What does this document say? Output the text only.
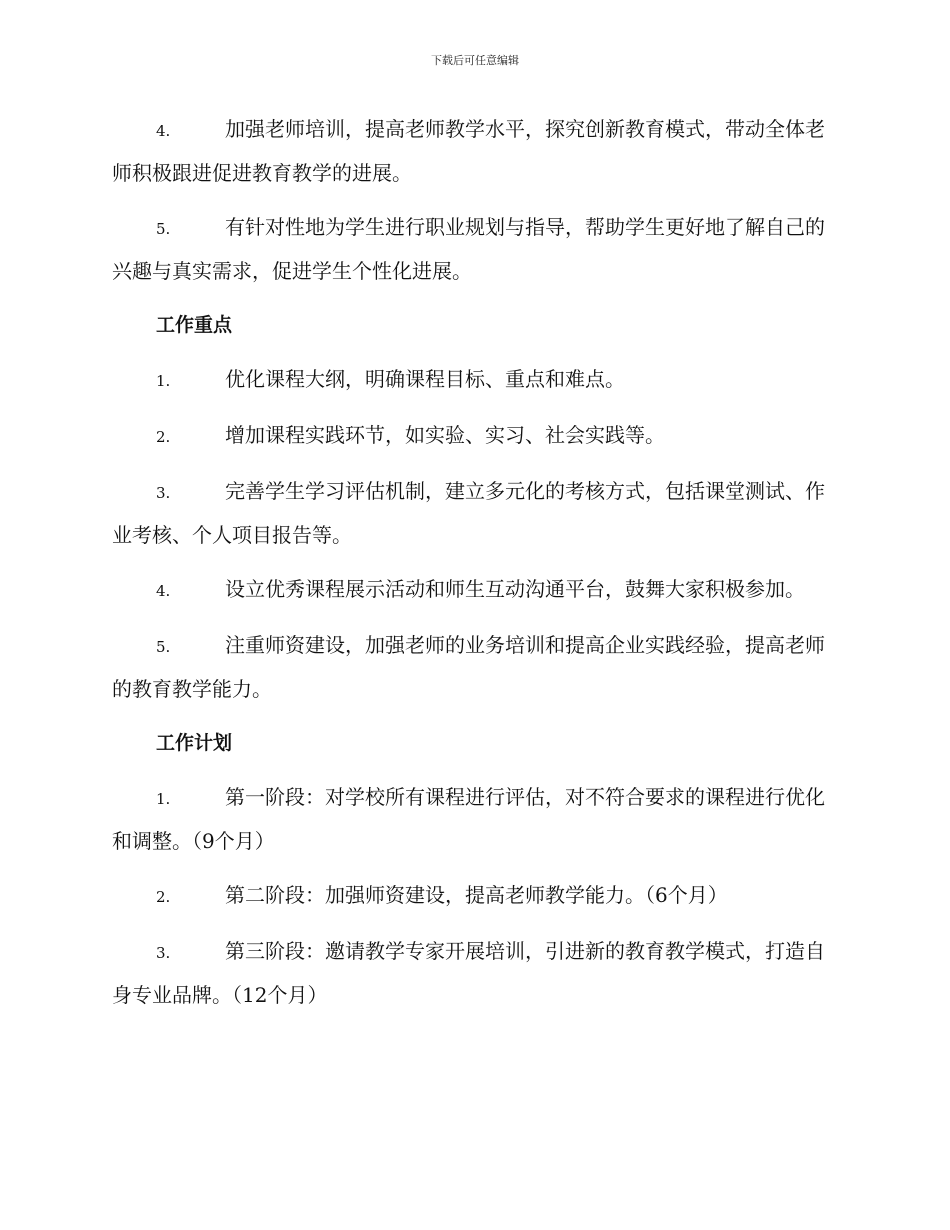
下载后可任意编辑

4.	加强老师培训，提高老师教学水平，探究创新教育模式，带动全体老师积极跟进促进教育教学的进展。

5.	有针对性地为学生进行职业规划与指导，帮助学生更好地了解自己的兴趣与真实需求，促进学生个性化进展。

工作重点

1.	优化课程大纲，明确课程目标、重点和难点。

2.	增加课程实践环节，如实验、实习、社会实践等。

3.	完善学生学习评估机制，建立多元化的考核方式，包括课堂测试、作业考核、个人项目报告等。

4.	设立优秀课程展示活动和师生互动沟通平台，鼓舞大家积极参加。

5.	注重师资建设，加强老师的业务培训和提高企业实践经验，提高老师的教育教学能力。

工作计划

1.	第一阶段：对学校所有课程进行评估，对不符合要求的课程进行优化和调整。（9个月）

2.	第二阶段：加强师资建设，提高老师教学能力。（6个月）

3.	第三阶段：邀请教学专家开展培训，引进新的教育教学模式，打造自身专业品牌。（12个月）
